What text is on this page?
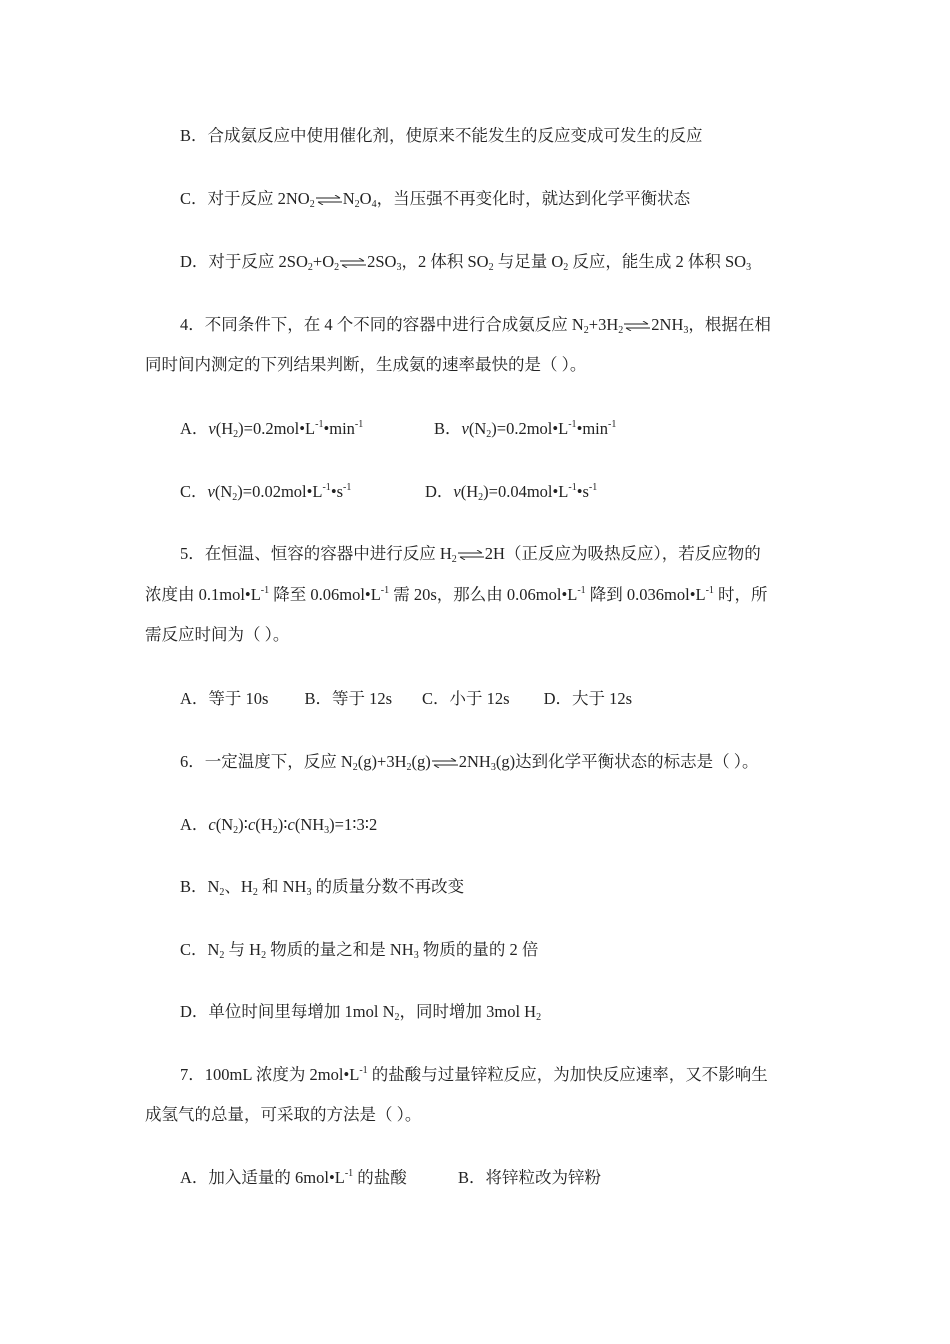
B．合成氨反应中使用催化剂，使原来不能发生的反应变成可发生的反应
C．对于反应 $2NO_2\rightleftharpoons N_2O_4$，当压强不再变化时，就达到化学平衡状态
D．对于反应 $2SO_2+O_2\rightleftharpoons 2SO_3$，2 体积 $SO_2$ 与足量 $O_2$ 反应，能生成 2 体积 $SO_3$
4．不同条件下，在 4 个不同的容器中进行合成氨反应 $N_2+3H_2\rightleftharpoons 2NH_3$，根据在相
同时间内测定的下列结果判断，生成氨的速率最快的是（ ）。
A．$v(H_2)=0.2mol•L^{-1}•\min^{-1}$	B．$v(N_2)=0.2mol•L^{-1}•\min^{-1}$
C．$v(N_2)=0.02mol•L^{-1}•s^{-1}$	D．$v(H_2)=0.04mol•L^{-1}•s^{-1}$
5．在恒温、恒容的容器中进行反应 $H_2\rightleftharpoons 2H$（正反应为吸热反应），若反应物的
浓度由 $0.1mol•L^{-1}$ 降至 $0.06mol•L^{-1}$ 需 20s，那么由 $0.06mol•L^{-1}$ 降到 $0.036mol•L^{-1}$ 时，所
需反应时间为（ ）。
A．等于 10s B．等于 12s C．小于 12s D．大于 12s
6．一定温度下，反应 $N_2(g)+3H_2(g)\rightleftharpoons 2NH_3(g)$达到化学平衡状态的标志是（ ）。
A．$c(N_2)∶c(H_2)∶c(NH_3)=1∶3∶2$
B．$N_2$、$H_2$ 和 $NH_3$ 的质量分数不再改变
C．$N_2$ 与 $H_2$ 物质的量之和是 $NH_3$ 物质的量的 2 倍
D．单位时间里每增加 1mol $N_2$，同时增加 3mol $H_2$
7．100mL 浓度为 $2mol•L^{-1}$ 的盐酸与过量锌粒反应，为加快反应速率，又不影响生
成氢气的总量，可采取的方法是（ ）。
A．加入适量的 $6mol•L^{-1}$ 的盐酸	B．将锌粒改为锌粉
